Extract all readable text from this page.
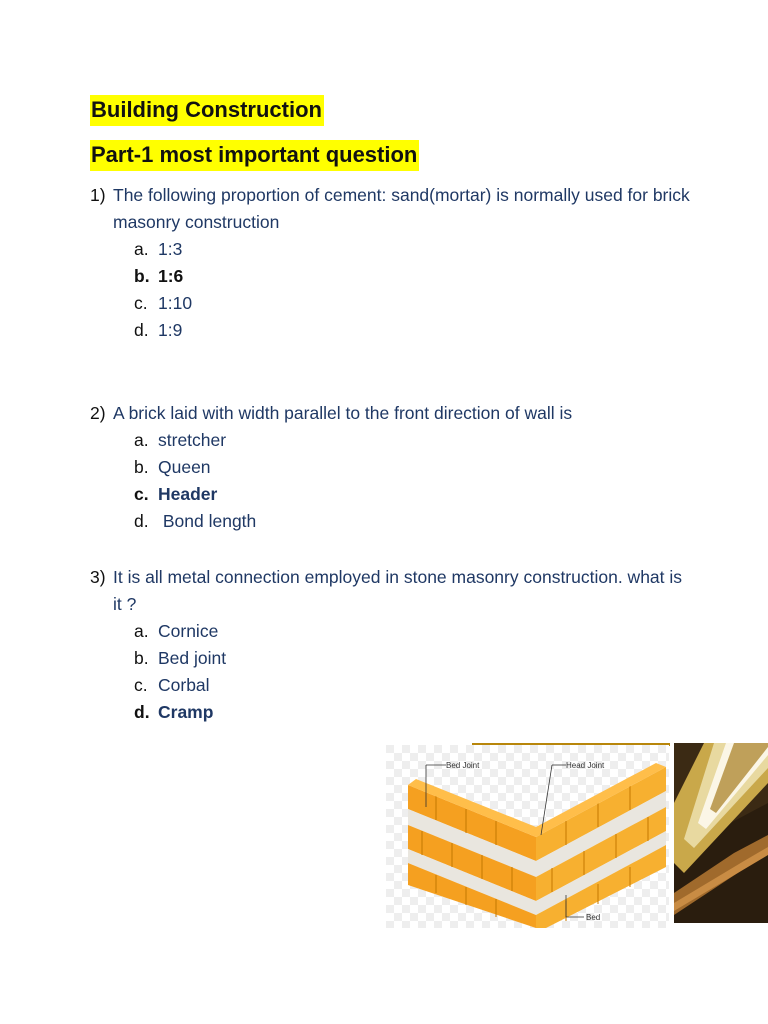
Building Construction
Part-1 most important question
1) The following proportion of cement: sand(mortar) is normally used for brick masonry construction
a. 1:3
b. 1:6
c. 1:10
d. 1:9
2) A brick laid with width parallel to the front direction of wall is
a. stretcher
b. Queen
c. Header
d. Bond length
3) It is all metal connection employed in stone masonry construction. what is it ?
a. Cornice
b. Bed joint
c. Corbal
d. Cramp
Bed Joint	Head Joint
Bed
